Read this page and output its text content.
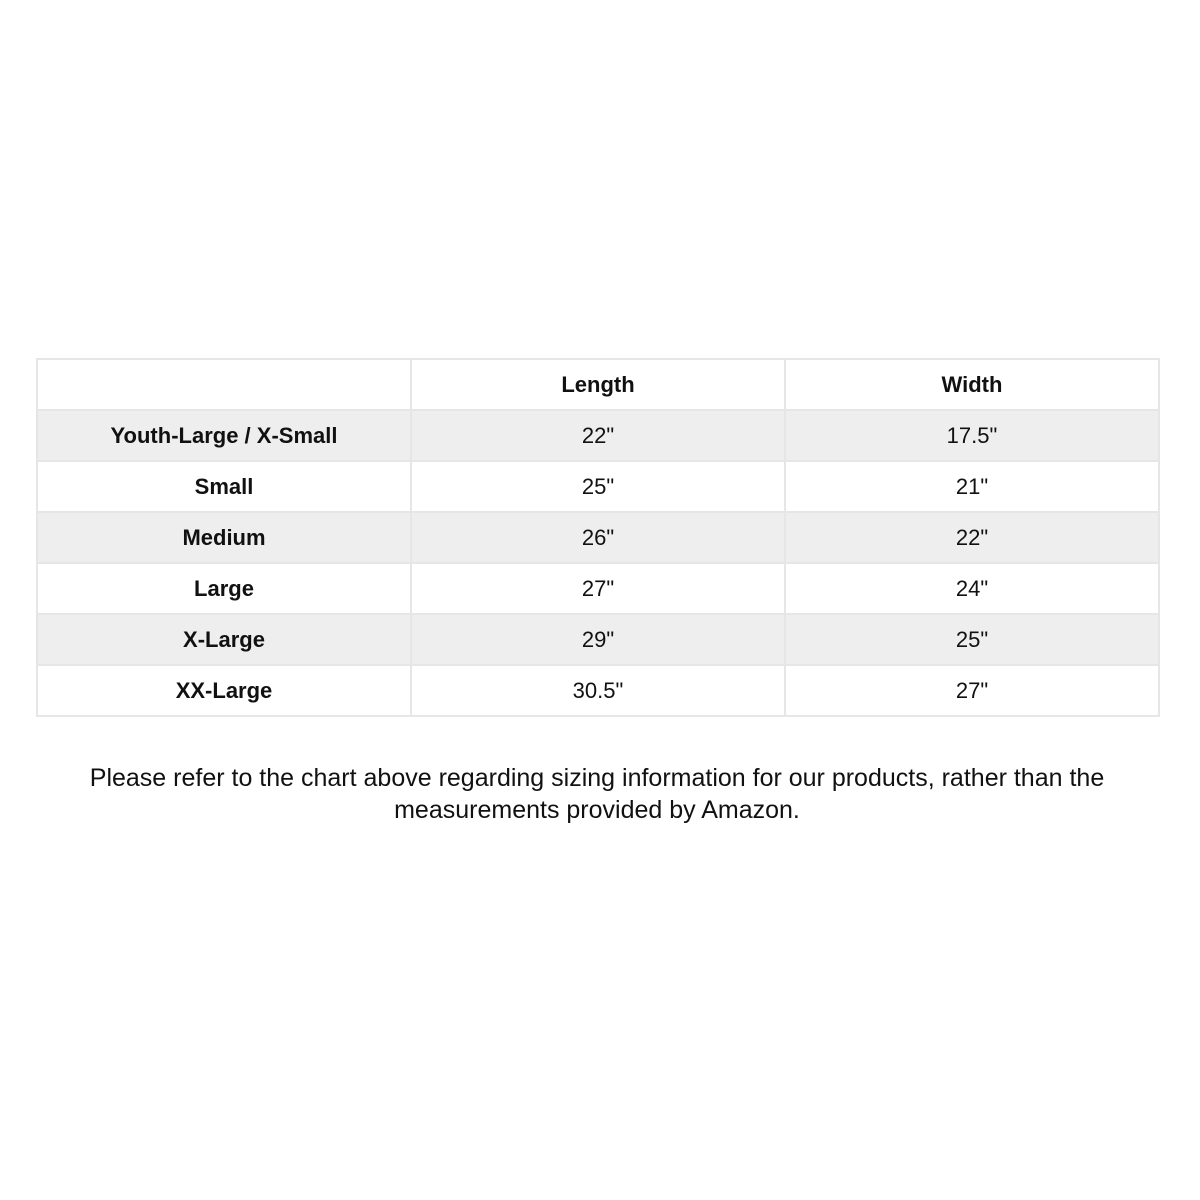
	Length	Width
Youth-Large / X-Small	22"	17.5"
Small	25"	21"
Medium	26"	22"
Large	27"	24"
X-Large	29"	25"
XX-Large	30.5"	27"

Please refer to the chart above regarding sizing information for our products, rather than the measurements provided by Amazon.
